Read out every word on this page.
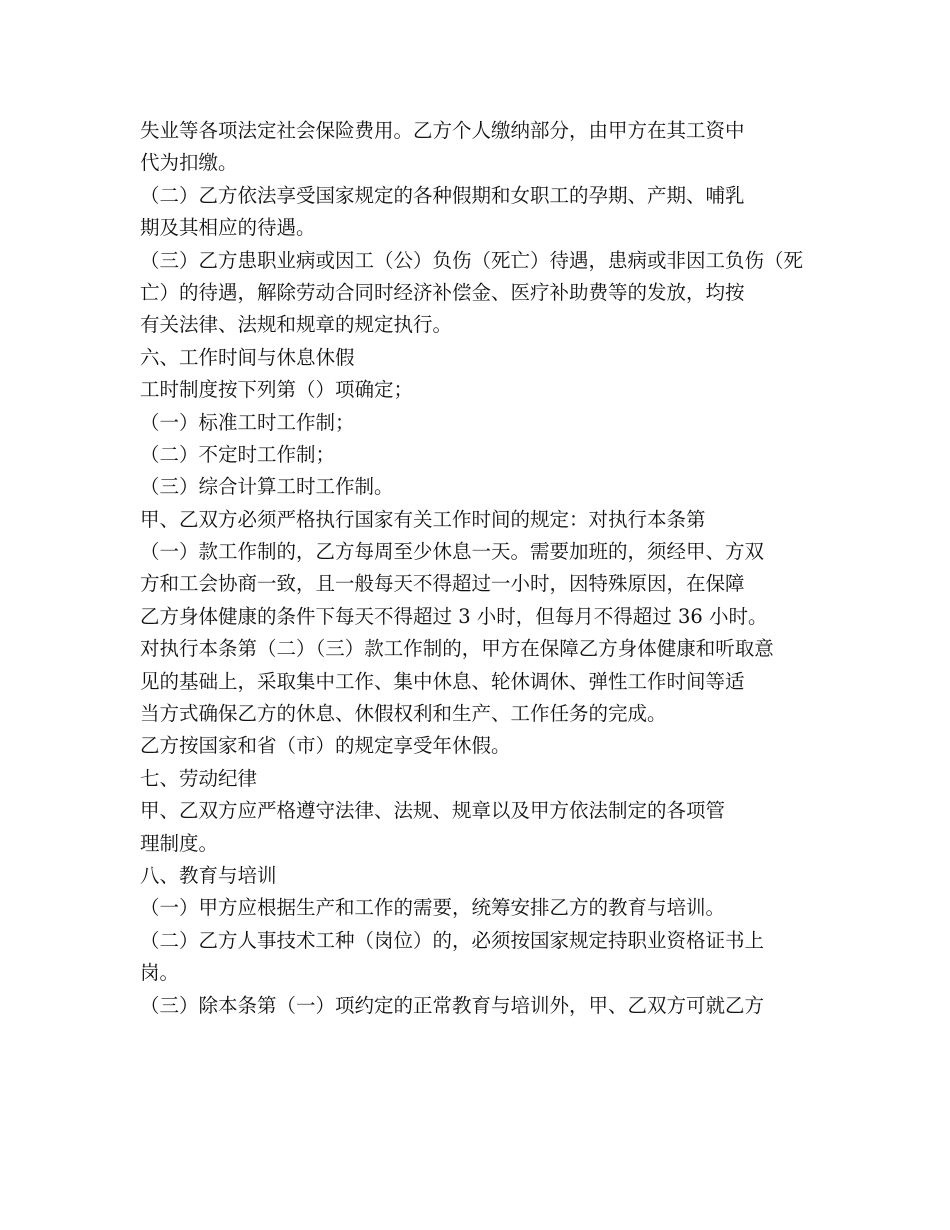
失业等各项法定社会保险费用。乙方个人缴纳部分，由甲方在其工资中
代为扣缴。
（二）乙方依法享受国家规定的各种假期和女职工的孕期、产期、哺乳
期及其相应的待遇。
（三）乙方患职业病或因工（公）负伤（死亡）待遇，患病或非因工负伤（死
亡）的待遇，解除劳动合同时经济补偿金、医疗补助费等的发放，均按
有关法律、法规和规章的规定执行。
六、工作时间与休息休假
工时制度按下列第（）项确定；
（一）标准工时工作制；
（二）不定时工作制；
（三）综合计算工时工作制。
甲、乙双方必须严格执行国家有关工作时间的规定：对执行本条第
（一）款工作制的，乙方每周至少休息一天。需要加班的，须经甲、方双
方和工会协商一致，且一般每天不得超过一小时，因特殊原因，在保障
乙方身体健康的条件下每天不得超过 3 小时，但每月不得超过 36 小时。
对执行本条第（二）（三）款工作制的，甲方在保障乙方身体健康和听取意
见的基础上，采取集中工作、集中休息、轮休调休、弹性工作时间等适
当方式确保乙方的休息、休假权利和生产、工作任务的完成。
乙方按国家和省（市）的规定享受年休假。
七、劳动纪律
甲、乙双方应严格遵守法律、法规、规章以及甲方依法制定的各项管
理制度。
八、教育与培训
（一）甲方应根据生产和工作的需要，统筹安排乙方的教育与培训。
（二）乙方人事技术工种（岗位）的，必须按国家规定持职业资格证书上
岗。
（三）除本条第（一）项约定的正常教育与培训外，甲、乙双方可就乙方
